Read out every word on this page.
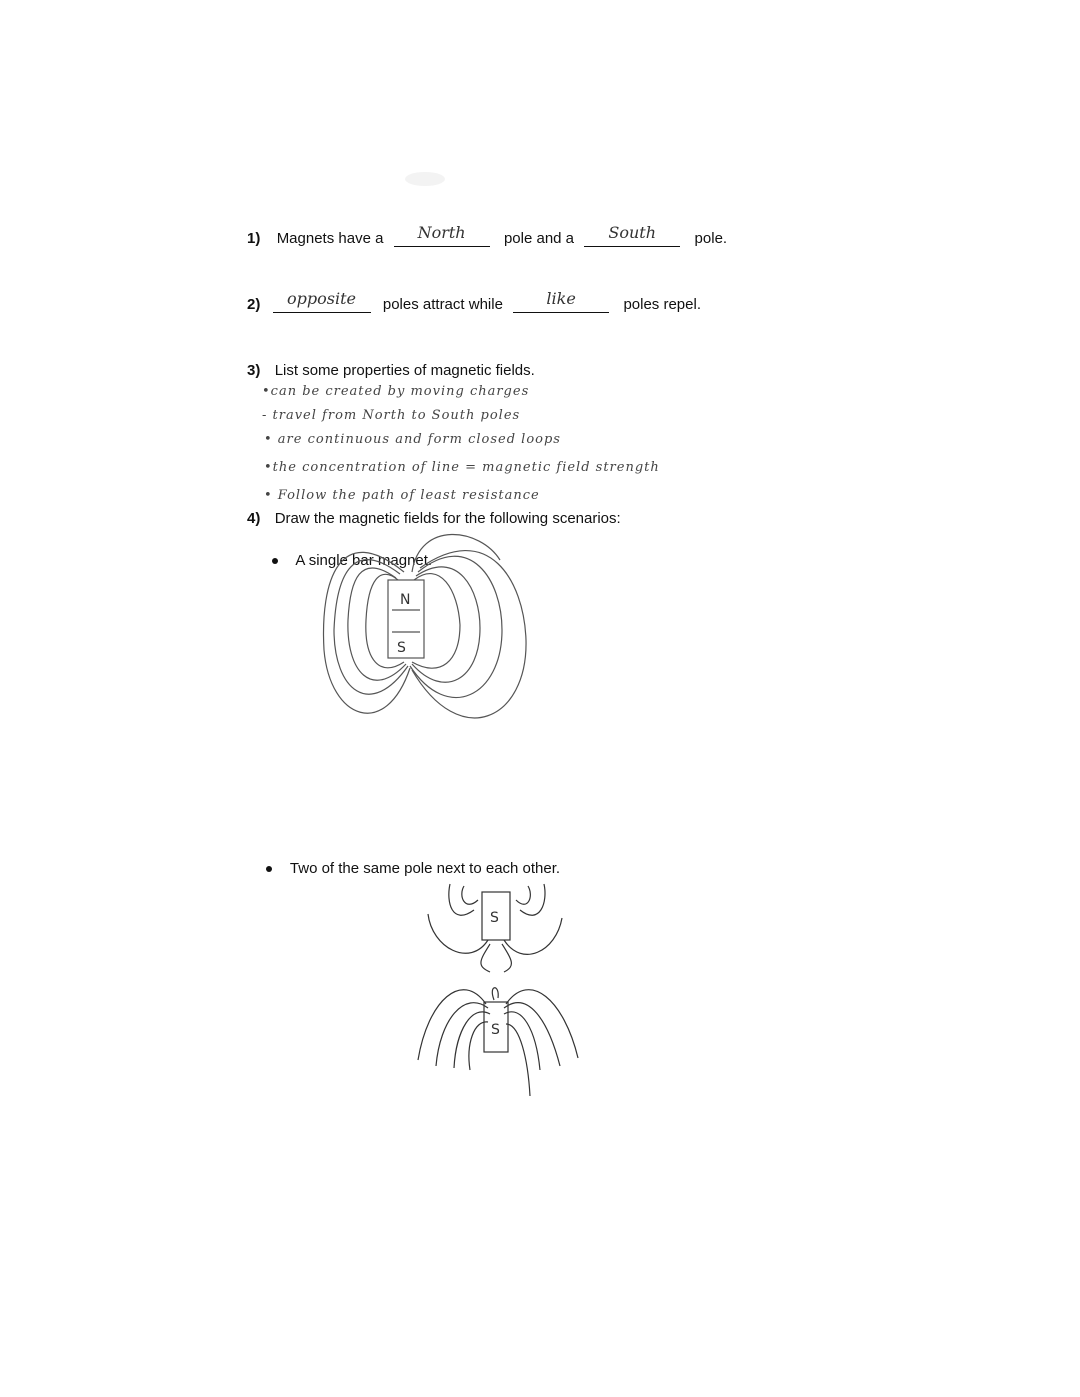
1) Magnets have a North	pole and a South	pole.
2) opposite poles attract while	like	poles repel.
3) List some properties of magnetic fields.
•can be created by moving charges
- travel from North to South poles
• are continuous and form closed loops
•the concentration of line = magnetic field strength
• Follow the path of least resistance
4) Draw the magnetic fields for the following scenarios:
A single bar magnet.
Two of the same pole next to each other.
N
S
S
S
